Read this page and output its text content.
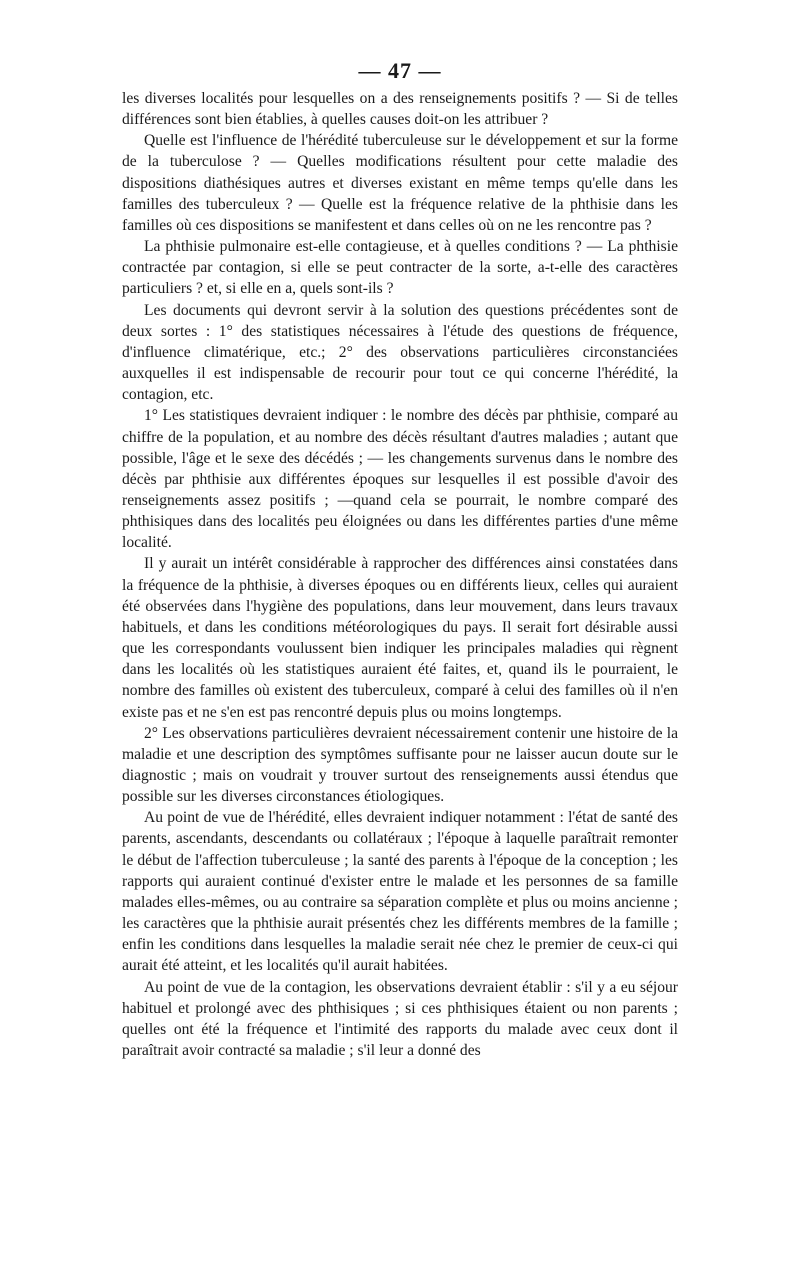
— 47 —

les diverses localités pour lesquelles on a des renseignements positifs ? — Si de telles différences sont bien établies, à quelles causes doit-on les attribuer ?

Quelle est l'influence de l'hérédité tuberculeuse sur le développement et sur la forme de la tuberculose ? — Quelles modifications résultent pour cette maladie des dispositions diathésiques autres et diverses existant en même temps qu'elle dans les familles des tuberculeux ? — Quelle est la fréquence relative de la phthisie dans les familles où ces dispositions se manifestent et dans celles où on ne les rencontre pas ?

La phthisie pulmonaire est-elle contagieuse, et à quelles conditions ? — La phthisie contractée par contagion, si elle se peut contracter de la sorte, a-t-elle des caractères particuliers ? et, si elle en a, quels sont-ils ?

Les documents qui devront servir à la solution des questions précédentes sont de deux sortes : 1° des statistiques nécessaires à l'étude des questions de fréquence, d'influence climatérique, etc.; 2° des observations particulières circonstanciées auxquelles il est indispensable de recourir pour tout ce qui concerne l'hérédité, la contagion, etc.

1° Les statistiques devraient indiquer : le nombre des décès par phthisie, comparé au chiffre de la population, et au nombre des décès résultant d'autres maladies ; autant que possible, l'âge et le sexe des décédés ; — les changements survenus dans le nombre des décès par phthisie aux différentes époques sur lesquelles il est possible d'avoir des renseignements assez positifs ; —quand cela se pourrait, le nombre comparé des phthisiques dans des localités peu éloignées ou dans les différentes parties d'une même localité.

Il y aurait un intérêt considérable à rapprocher des différences ainsi constatées dans la fréquence de la phthisie, à diverses époques ou en différents lieux, celles qui auraient été observées dans l'hygiène des populations, dans leur mouvement, dans leurs travaux habituels, et dans les conditions météorologiques du pays. Il serait fort désirable aussi que les correspondants voulussent bien indiquer les principales maladies qui règnent dans les localités où les statistiques auraient été faites, et, quand ils le pourraient, le nombre des familles où existent des tuberculeux, comparé à celui des familles où il n'en existe pas et ne s'en est pas rencontré depuis plus ou moins longtemps.

2° Les observations particulières devraient nécessairement contenir une histoire de la maladie et une description des symptômes suffisante pour ne laisser aucun doute sur le diagnostic ; mais on voudrait y trouver surtout des renseignements aussi étendus que possible sur les diverses circonstances étiologiques.

Au point de vue de l'hérédité, elles devraient indiquer notamment : l'état de santé des parents, ascendants, descendants ou collatéraux ; l'époque à laquelle paraîtrait remonter le début de l'affection tuberculeuse ; la santé des parents à l'époque de la conception ; les rapports qui auraient continué d'exister entre le malade et les personnes de sa famille malades elles-mêmes, ou au contraire sa séparation complète et plus ou moins ancienne ; les caractères que la phthisie aurait présentés chez les différents membres de la famille ; enfin les conditions dans lesquelles la maladie serait née chez le premier de ceux-ci qui aurait été atteint, et les localités qu'il aurait habitées.

Au point de vue de la contagion, les observations devraient établir : s'il y a eu séjour habituel et prolongé avec des phthisiques ; si ces phthisiques étaient ou non parents ; quelles ont été la fréquence et l'intimité des rapports du malade avec ceux dont il paraîtrait avoir contracté sa maladie ; s'il leur a donné des
